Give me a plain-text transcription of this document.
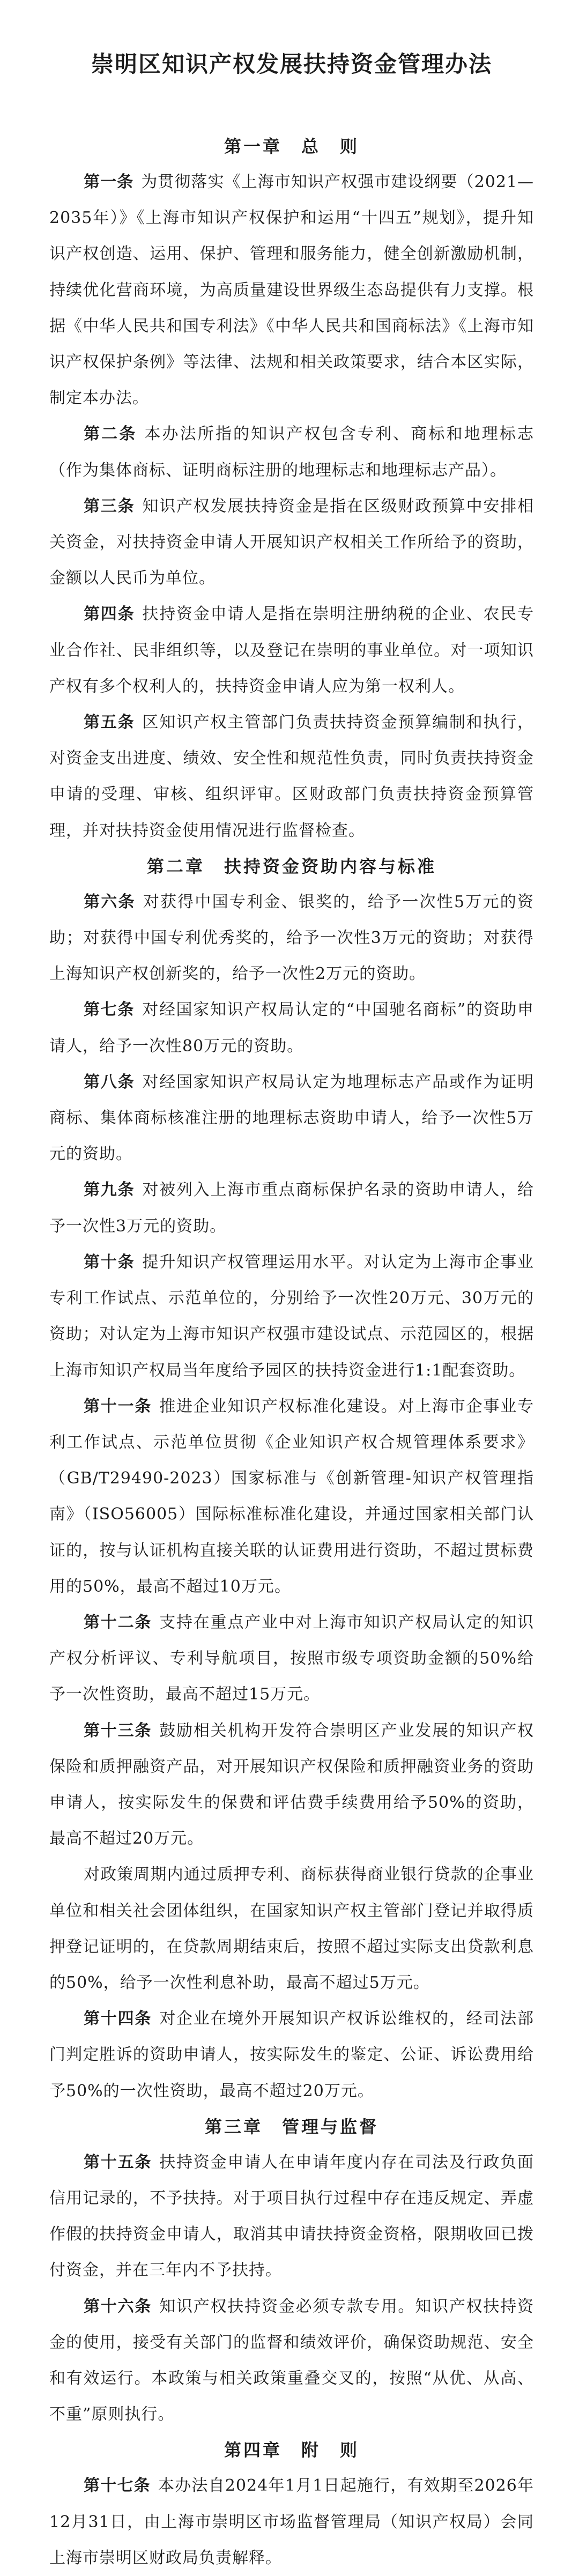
崇明区知识产权发展扶持资金管理办法
第一章　总　则

第一条 为贯彻落实《上海市知识产权强市建设纲要（2021—2035年）》《上海市知识产权保护和运用“十四五”规划》，提升知识产权创造、运用、保护、管理和服务能力，健全创新激励机制，持续优化营商环境，为高质量建设世界级生态岛提供有力支撑。根据《中华人民共和国专利法》《中华人民共和国商标法》《上海市知识产权保护条例》等法律、法规和相关政策要求，结合本区实际，制定本办法。

第二条 本办法所指的知识产权包含专利、商标和地理标志（作为集体商标、证明商标注册的地理标志和地理标志产品）。

第三条 知识产权发展扶持资金是指在区级财政预算中安排相关资金，对扶持资金申请人开展知识产权相关工作所给予的资助，金额以人民币为单位。

第四条 扶持资金申请人是指在崇明注册纳税的企业、农民专业合作社、民非组织等，以及登记在崇明的事业单位。对一项知识产权有多个权利人的，扶持资金申请人应为第一权利人。

第五条 区知识产权主管部门负责扶持资金预算编制和执行，对资金支出进度、绩效、安全性和规范性负责，同时负责扶持资金申请的受理、审核、组织评审。区财政部门负责扶持资金预算管理，并对扶持资金使用情况进行监督检查。

第二章　扶持资金资助内容与标准

第六条 对获得中国专利金、银奖的，给予一次性5万元的资助；对获得中国专利优秀奖的，给予一次性3万元的资助；对获得上海知识产权创新奖的，给予一次性2万元的资助。

第七条 对经国家知识产权局认定的“中国驰名商标”的资助申请人，给予一次性80万元的资助。

第八条 对经国家知识产权局认定为地理标志产品或作为证明商标、集体商标核准注册的地理标志资助申请人，给予一次性5万元的资助。

第九条 对被列入上海市重点商标保护名录的资助申请人，给予一次性3万元的资助。

第十条 提升知识产权管理运用水平。对认定为上海市企事业专利工作试点、示范单位的，分别给予一次性20万元、30万元的资助；对认定为上海市知识产权强市建设试点、示范园区的，根据上海市知识产权局当年度给予园区的扶持资金进行1:1配套资助。

第十一条 推进企业知识产权标准化建设。对上海市企事业专利工作试点、示范单位贯彻《企业知识产权合规管理体系要求》（GB/T29490-2023）国家标准与《创新管理-知识产权管理指南》（ISO56005）国际标准标准化建设，并通过国家相关部门认证的，按与认证机构直接关联的认证费用进行资助，不超过贯标费用的50%，最高不超过10万元。

第十二条 支持在重点产业中对上海市知识产权局认定的知识产权分析评议、专利导航项目，按照市级专项资助金额的50%给予一次性资助，最高不超过15万元。

第十三条 鼓励相关机构开发符合崇明区产业发展的知识产权保险和质押融资产品，对开展知识产权保险和质押融资业务的资助申请人，按实际发生的保费和评估费手续费用给予50%的资助，最高不超过20万元。

对政策周期内通过质押专利、商标获得商业银行贷款的企事业单位和相关社会团体组织，在国家知识产权主管部门登记并取得质押登记证明的，在贷款周期结束后，按照不超过实际支出贷款利息的50%，给予一次性利息补助，最高不超过5万元。

第十四条 对企业在境外开展知识产权诉讼维权的，经司法部门判定胜诉的资助申请人，按实际发生的鉴定、公证、诉讼费用给予50%的一次性资助，最高不超过20万元。

第三章　管理与监督

第十五条 扶持资金申请人在申请年度内存在司法及行政负面信用记录的，不予扶持。对于项目执行过程中存在违反规定、弄虚作假的扶持资金申请人，取消其申请扶持资金资格，限期收回已拨付资金，并在三年内不予扶持。

第十六条 知识产权扶持资金必须专款专用。知识产权扶持资金的使用，接受有关部门的监督和绩效评价，确保资助规范、安全和有效运行。本政策与相关政策重叠交叉的，按照“从优、从高、不重”原则执行。

第四章　附　则

第十七条 本办法自2024年1月1日起施行，有效期至2026年12月31日，由上海市崇明区市场监督管理局（知识产权局）会同上海市崇明区财政局负责解释。
